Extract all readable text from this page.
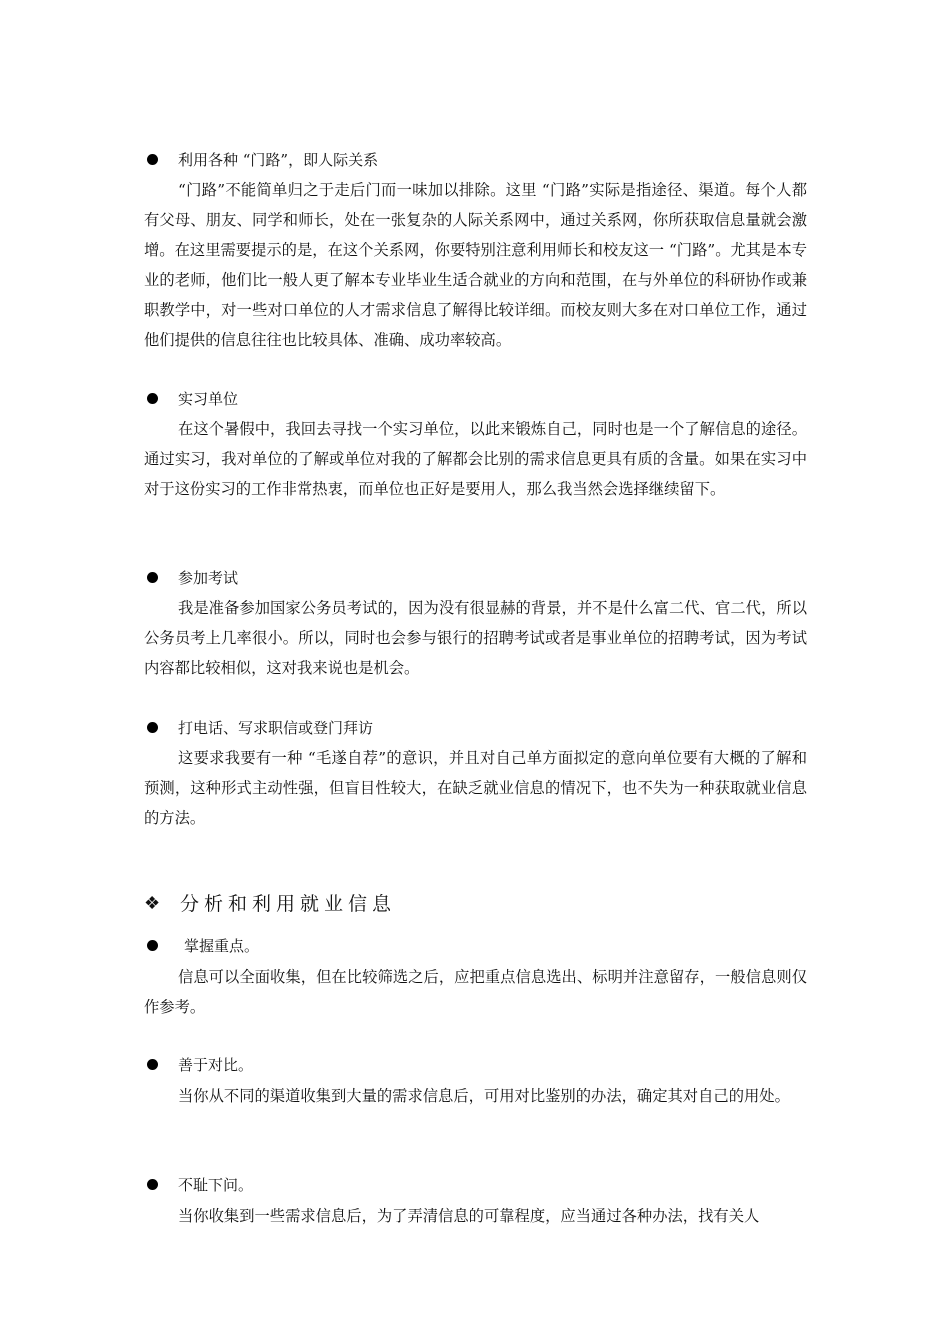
利用各种 “门路”，即人际关系

“门路”不能简单归之于走后门而一味加以排除。这里 “门路”实际是指途径、渠道。每个人都有父母、朋友、同学和师长，处在一张复杂的人际关系网中，通过关系网，你所获取信息量就会激增。在这里需要提示的是，在这个关系网，你要特别注意利用师长和校友这一 “门路”。尤其是本专业的老师，他们比一般人更了解本专业毕业生适合就业的方向和范围，在与外单位的科研协作或兼职教学中，对一些对口单位的人才需求信息了解得比较详细。而校友则大多在对口单位工作，通过他们提供的信息往往也比较具体、准确、成功率较高。

实习单位

在这个暑假中，我回去寻找一个实习单位，以此来锻炼自己，同时也是一个了解信息的途径。通过实习，我对单位的了解或单位对我的了解都会比别的需求信息更具有质的含量。如果在实习中对于这份实习的工作非常热衷，而单位也正好是要用人，那么我当然会选择继续留下。

参加考试

我是准备参加国家公务员考试的，因为没有很显赫的背景，并不是什么富二代、官二代，所以公务员考上几率很小。所以，同时也会参与银行的招聘考试或者是事业单位的招聘考试，因为考试内容都比较相似，这对我来说也是机会。

打电话、写求职信或登门拜访

这要求我要有一种 “毛遂自荐”的意识，并且对自己单方面拟定的意向单位要有大概的了解和预测，这种形式主动性强，但盲目性较大，在缺乏就业信息的情况下，也不失为一种获取就业信息的方法。

❖ 分析和利用就业信息
掌握重点。

信息可以全面收集，但在比较筛选之后，应把重点信息选出、标明并注意留存，一般信息则仅作参考。

善于对比。

当你从不同的渠道收集到大量的需求信息后，可用对比鉴别的办法，确定其对自己的用处。

不耻下问。

当你收集到一些需求信息后，为了弄清信息的可靠程度，应当通过各种办法，找有关人
